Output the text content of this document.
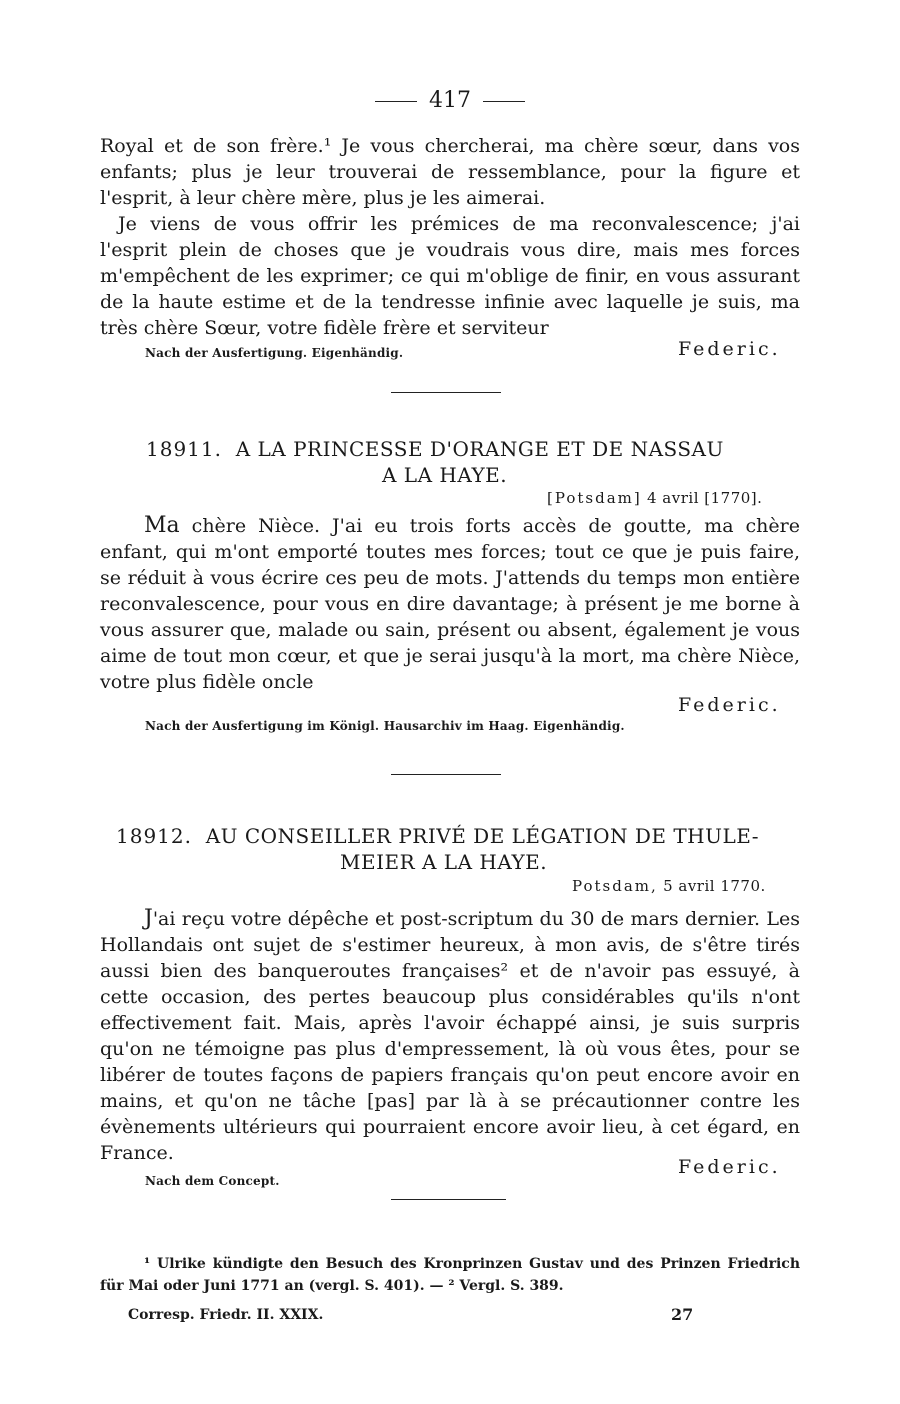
417
Royal et de son frère.¹ Je vous chercherai, ma chère sœur, dans vos enfants; plus je leur trouverai de ressemblance, pour la figure et l'esprit, à leur chère mère, plus je les aimerai.
Je viens de vous offrir les prémices de ma reconvalescence; j'ai l'esprit plein de choses que je voudrais vous dire, mais mes forces m'empêchent de les exprimer; ce qui m'oblige de finir, en vous assurant de la haute estime et de la tendresse infinie avec laquelle je suis, ma très chère Sœur, votre fidèle frère et serviteur
Nach der Ausfertigung. Eigenhändig.	Federic.
18911. A LA PRINCESSE D'ORANGE ET DE NASSAU
A LA HAYE.
[Potsdam] 4 avril [1770].
Ma chère Nièce. J'ai eu trois forts accès de goutte, ma chère enfant, qui m'ont emporté toutes mes forces; tout ce que je puis faire, se réduit à vous écrire ces peu de mots. J'attends du temps mon entière reconvalescence, pour vous en dire davantage; à présent je me borne à vous assurer que, malade ou sain, présent ou absent, également je vous aime de tout mon cœur, et que je serai jusqu'à la mort, ma chère Nièce, votre plus fidèle oncle
Federic.
Nach der Ausfertigung im Königl. Hausarchiv im Haag. Eigenhändig.
18912. AU CONSEILLER PRIVÉ DE LÉGATION DE THULE-
MEIER A LA HAYE.
Potsdam, 5 avril 1770.
J'ai reçu votre dépêche et post-scriptum du 30 de mars dernier. Les Hollandais ont sujet de s'estimer heureux, à mon avis, de s'être tirés aussi bien des banqueroutes françaises² et de n'avoir pas essuyé, à cette occasion, des pertes beaucoup plus considérables qu'ils n'ont effectivement fait. Mais, après l'avoir échappé ainsi, je suis surpris qu'on ne témoigne pas plus d'empressement, là où vous êtes, pour se libérer de toutes façons de papiers français qu'on peut encore avoir en mains, et qu'on ne tâche [pas] par là à se précautionner contre les évènements ultérieurs qui pourraient encore avoir lieu, à cet égard, en France.
Federic.
Nach dem Concept.
¹ Ulrike kündigte den Besuch des Kronprinzen Gustav und des Prinzen Friedrich für Mai oder Juni 1771 an (vergl. S. 401). — ² Vergl. S. 389.
Corresp. Friedr. II. XXIX.	27
